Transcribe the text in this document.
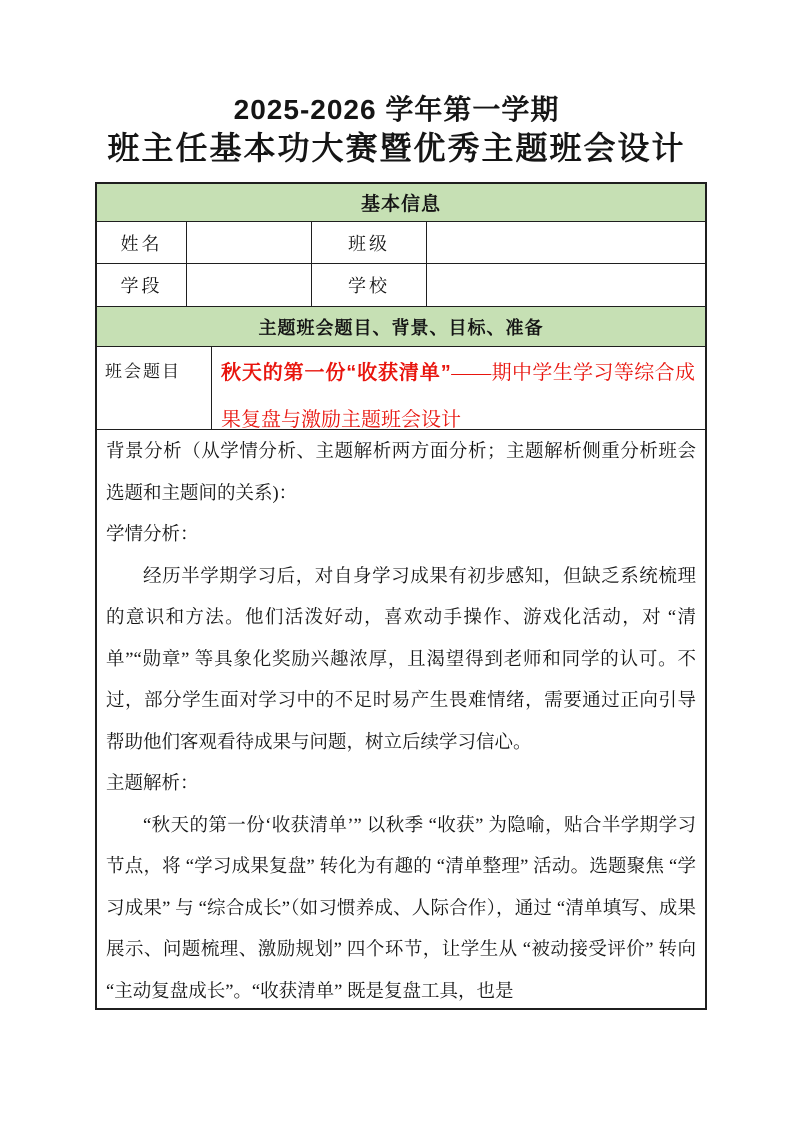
2025-2026 学年第一学期
班主任基本功大赛暨优秀主题班会设计
基本信息
姓名	班级
学段	学校
主题班会题目、背景、目标、准备
班会题目	秋天的第一份“收获清单”——期中学生学习等综合成果复盘与激励主题班会设计

背景分析（从学情分析、主题解析两方面分析；主题解析侧重分析班会选题和主题间的关系)：

学情分析：

经历半学期学习后，对自身学习成果有初步感知，但缺乏系统梳理的意识和方法。他们活泼好动，喜欢动手操作、游戏化活动，对 “清单”“勋章” 等具象化奖励兴趣浓厚，且渴望得到老师和同学的认可。不过，部分学生面对学习中的不足时易产生畏难情绪，需要通过正向引导帮助他们客观看待成果与问题，树立后续学习信心。

主题解析：

“秋天的第一份‘收获清单’” 以秋季 “收获” 为隐喻，贴合半学期学习节点，将 “学习成果复盘” 转化为有趣的 “清单整理” 活动。选题聚焦 “学习成果” 与 “综合成长”（如习惯养成、人际合作），通过 “清单填写、成果展示、问题梳理、激励规划” 四个环节，让学生从 “被动接受评价” 转向 “主动复盘成长”。“收获清单” 既是复盘工具，也是
